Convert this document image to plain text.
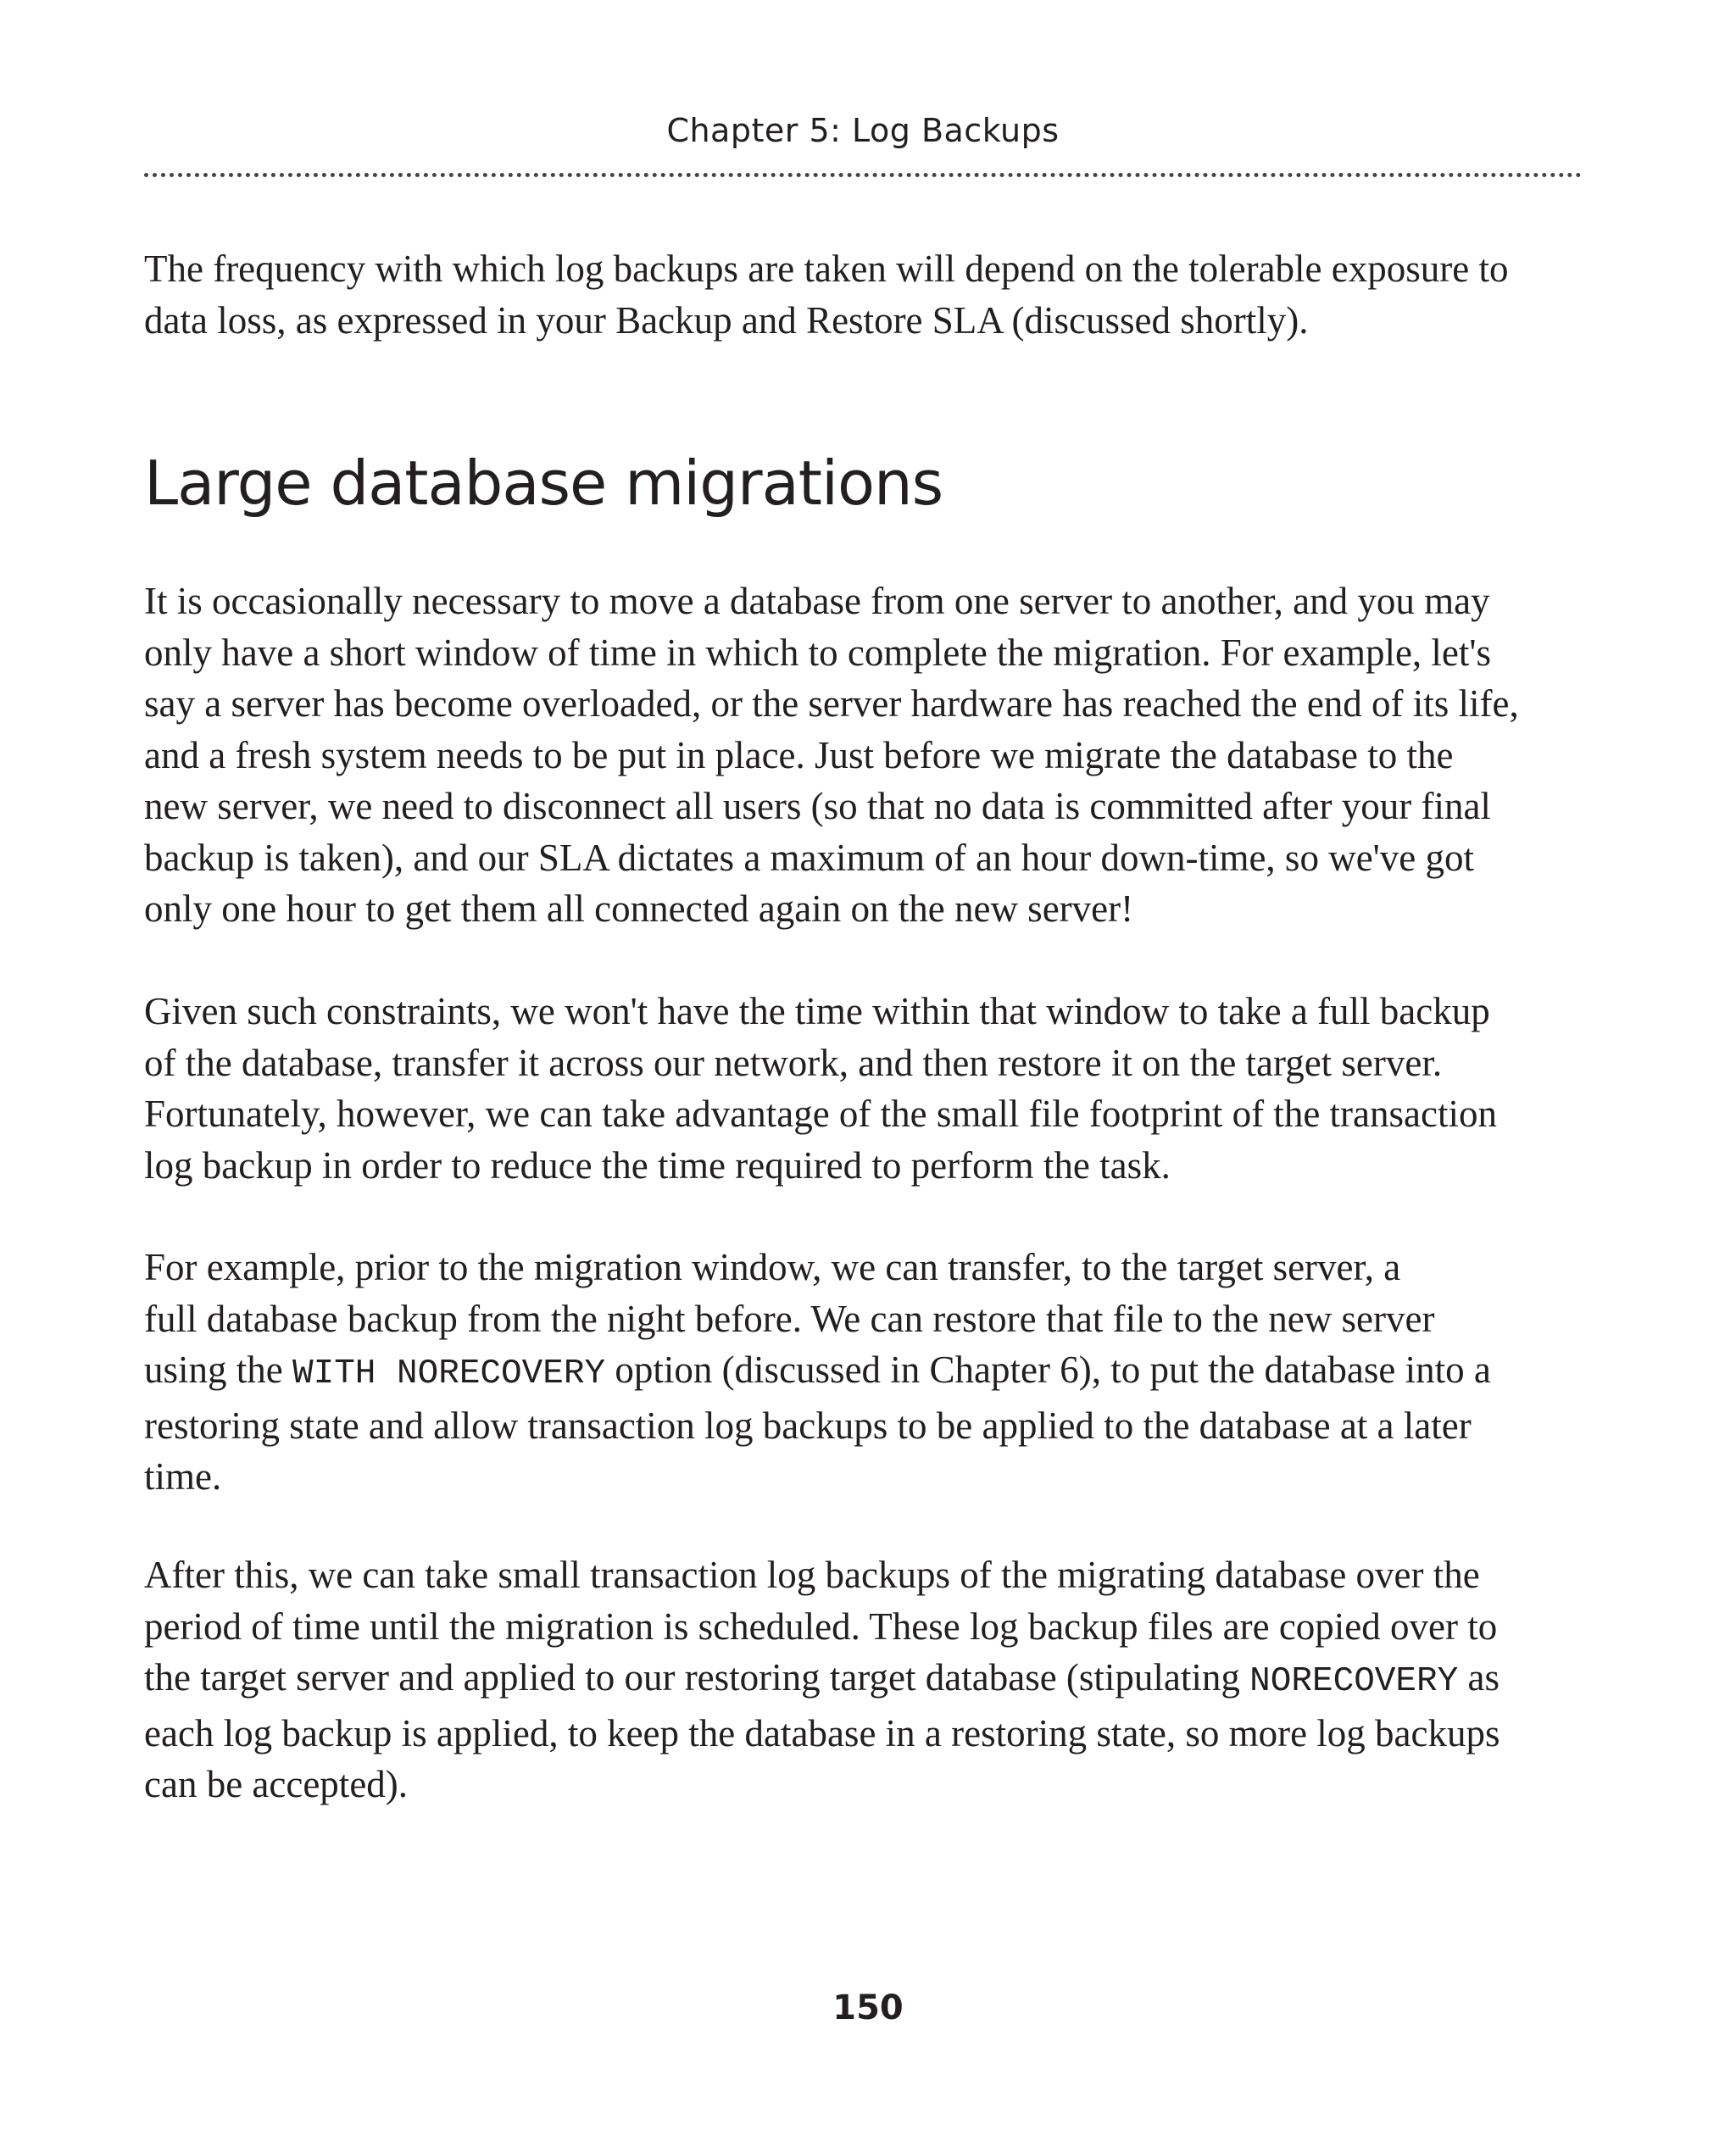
Chapter 5: Log Backups

The frequency with which log backups are taken will depend on the tolerable exposure to
data loss, as expressed in your Backup and Restore SLA (discussed shortly).

Large database migrations

It is occasionally necessary to move a database from one server to another, and you may
only have a short window of time in which to complete the migration. For example, let's
say a server has become overloaded, or the server hardware has reached the end of its life,
and a fresh system needs to be put in place. Just before we migrate the database to the
new server, we need to disconnect all users (so that no data is committed after your final
backup is taken), and our SLA dictates a maximum of an hour down-time, so we've got
only one hour to get them all connected again on the new server!

Given such constraints, we won't have the time within that window to take a full backup
of the database, transfer it across our network, and then restore it on the target server.
Fortunately, however, we can take advantage of the small file footprint of the transaction
log backup in order to reduce the time required to perform the task.

For example, prior to the migration window, we can transfer, to the target server, a
full database backup from the night before. We can restore that file to the new server
using the WITH NORECOVERY option (discussed in Chapter 6), to put the database into a
restoring state and allow transaction log backups to be applied to the database at a later
time.

After this, we can take small transaction log backups of the migrating database over the
period of time until the migration is scheduled. These log backup files are copied over to
the target server and applied to our restoring target database (stipulating NORECOVERY as
each log backup is applied, to keep the database in a restoring state, so more log backups
can be accepted).

150
